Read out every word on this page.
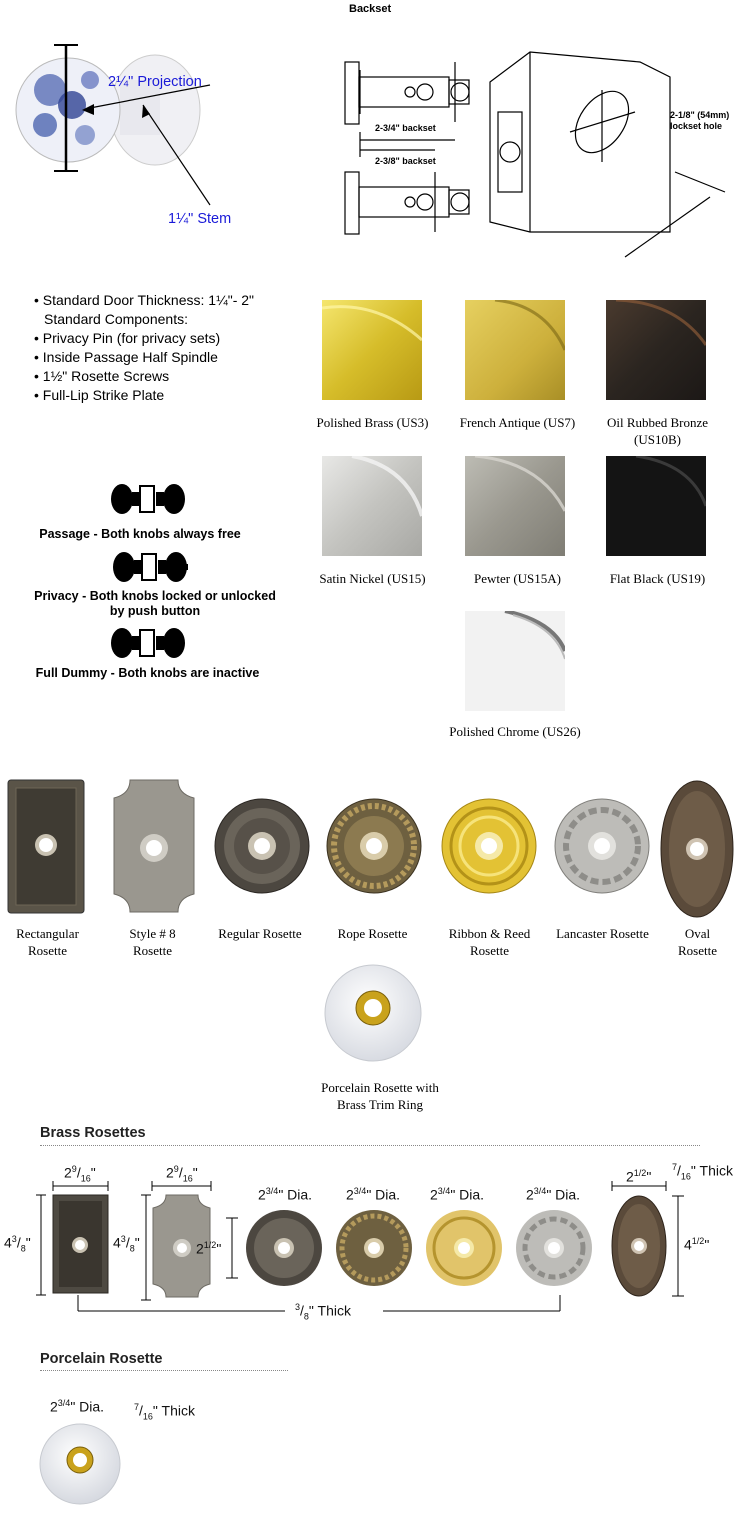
Backset
2¼" Projection
1¼" Stem
2-3/4" backset
2-3/8" backset
2-1/8" (54mm)
lockset hole
• Standard Door Thickness: 1¼"- 2"
Standard Components:
• Privacy Pin (for privacy sets)
• Inside Passage Half Spindle
• 1½" Rosette Screws
• Full-Lip Strike Plate
Passage - Both knobs always free
Privacy - Both knobs locked or unlocked
by push button
Full Dummy - Both knobs are inactive
Polished Brass (US3)	French Antique (US7)	Oil Rubbed Bronze
(US10B)
Satin Nickel (US15)	Pewter (US15A)	Flat Black (US19)
Polished Chrome (US26)
Rectangular
Rosette
Style # 8
Rosette
Regular Rosette	Rope Rosette	Ribbon & Reed
Rosette
Lancaster Rosette	Oval
Rosette
Porcelain Rosette with
Brass Trim Ring
Brass Rosettes
$2^9/_{16}$"
$4^3/_8$"
$2^9/_{16}$"
$4^3/_8$"	$2^{1/2}$"
$2^{3/4}$" Dia. $2^{3/4}$" Dia. $2^{3/4}$" Dia.	$2^{3/4}$" Dia.
$^3/_8$" Thick
$2^{1/2}$"
$^7/_{16}$" Thick
$4^{1/2}$"
Porcelain Rosette
$2^{3/4}$" Dia.	$^7/_{16}$" Thick
